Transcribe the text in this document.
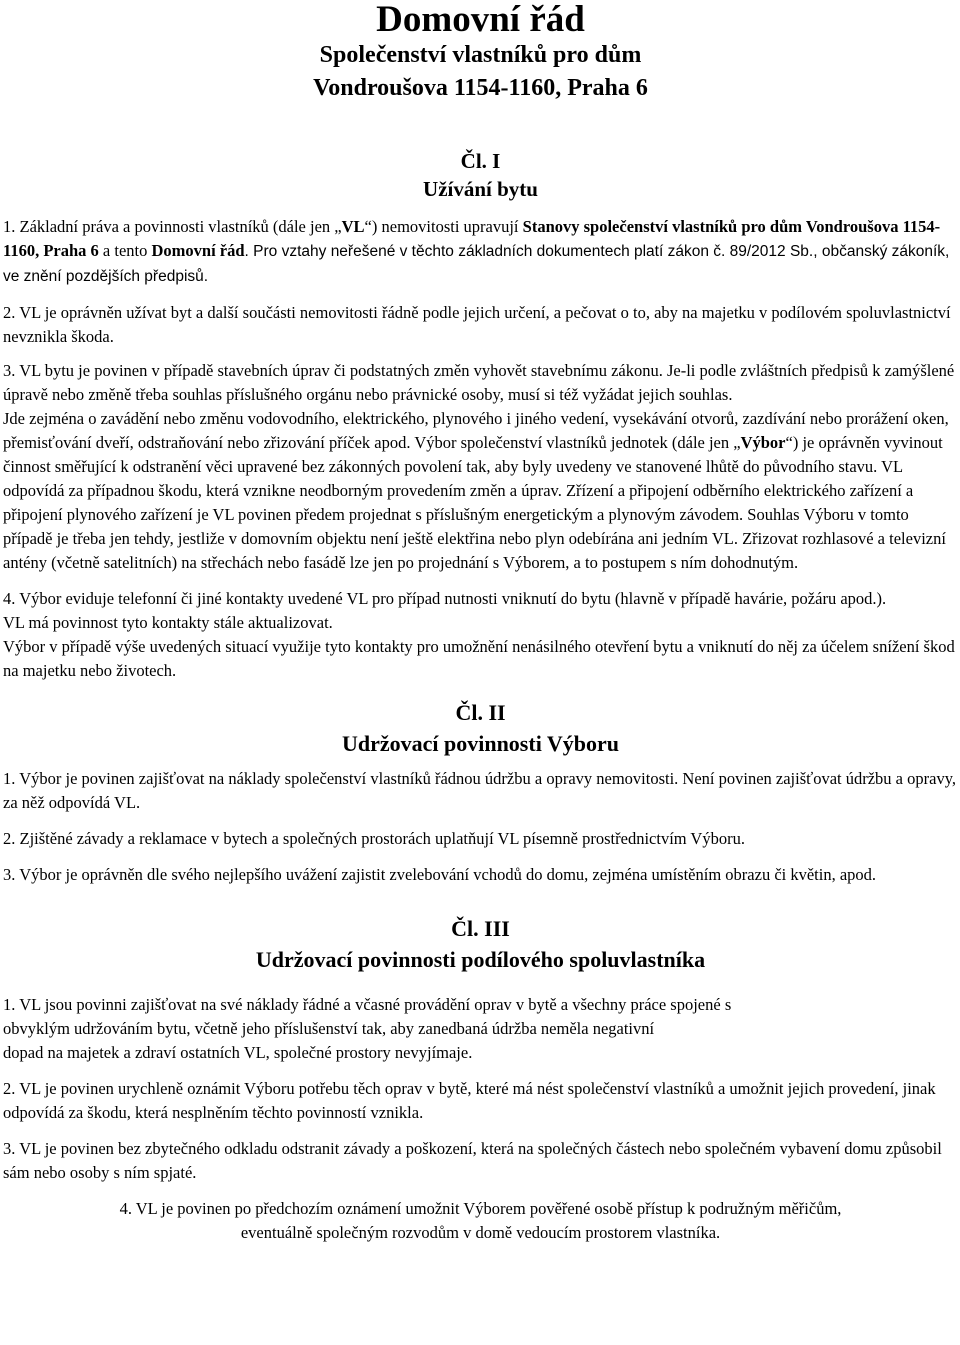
Domovní řád
Společenství vlastníků pro dům
Vondroušova 1154-1160, Praha 6
Čl. I
Užívání bytu

1. Základní práva a povinnosti vlastníků (dále jen „VL“) nemovitosti upravují Stanovy společenství vlastníků pro dům Vondroušova 1154-1160, Praha 6 a tento Domovní řád. Pro vztahy neřešené v těchto základních dokumentech platí zákon č. 89/2012 Sb., občanský zákoník, ve znění pozdějších předpisů.

2. VL je oprávněn užívat byt a další součásti nemovitosti řádně podle jejich určení, a pečovat o to, aby na majetku v podílovém spoluvlastnictví nevznikla škoda.

3. VL bytu je povinen v případě stavebních úprav či podstatných změn vyhovět stavebnímu zákonu. Je-li podle zvláštních předpisů k zamýšlené úpravě nebo změně třeba souhlas příslušného orgánu nebo právnické osoby, musí si též vyžádat jejich souhlas.

Jde zejména o zavádění nebo změnu vodovodního, elektrického, plynového i jiného vedení, vysekávání otvorů, zazdívání nebo prorážení oken, přemisťování dveří, odstraňování nebo zřizování příček apod. Výbor společenství vlastníků jednotek (dále jen „Výbor“) je oprávněn vyvinout činnost směřující k odstranění věci upravené bez zákonných povolení tak, aby byly uvedeny ve stanovené lhůtě do původního stavu. VL odpovídá za případnou škodu, která vznikne neodborným provedením změn a úprav. Zřízení a připojení odběrního elektrického zařízení a připojení plynového zařízení je VL povinen předem projednat s příslušným energetickým a plynovým závodem. Souhlas Výboru v tomto případě je třeba jen tehdy, jestliže v domovním objektu není ještě elektřina nebo plyn odebírána ani jedním VL. Zřizovat rozhlasové a televizní antény (včetně satelitních) na střechách nebo fasádě lze jen po projednání s Výborem, a to postupem s ním dohodnutým.

4. Výbor eviduje telefonní či jiné kontakty uvedené VL pro případ nutnosti vniknutí do bytu (hlavně v případě havárie, požáru apod.).

VL má povinnost tyto kontakty stále aktualizovat.

Výbor v případě výše uvedených situací využije tyto kontakty pro umožnění nenásilného otevření bytu a vniknutí do něj za účelem snížení škod na majetku nebo životech.

Čl. II
Udržovací povinnosti Výboru

1. Výbor je povinen zajišťovat na náklady společenství vlastníků řádnou údržbu a opravy nemovitosti. Není povinen zajišťovat údržbu a opravy, za něž odpovídá VL.

2. Zjištěné závady a reklamace v bytech a společných prostorách uplatňují VL písemně prostřednictvím Výboru.

3. Výbor je oprávněn dle svého nejlepšího uvážení zajistit zvelebování vchodů do domu, zejména umístěním obrazu či květin, apod.

Čl. III
Udržovací povinnosti podílového spoluvlastníka

1. VL jsou povinni zajišťovat na své náklady řádné a včasné provádění oprav v bytě a všechny práce spojené s
obvyklým udržováním bytu, včetně jeho příslušenství tak, aby zanedbaná údržba neměla negativní
dopad na majetek a zdraví ostatních VL, společné prostory nevyjímaje.

2. VL je povinen urychleně oznámit Výboru potřebu těch oprav v bytě, které má nést společenství vlastníků a umožnit jejich provedení, jinak odpovídá za škodu, která nesplněním těchto povinností vznikla.

3. VL je povinen bez zbytečného odkladu odstranit závady a poškození, která na společných částech nebo společném vybavení domu způsobil sám nebo osoby s ním spjaté.

4. VL je povinen po předchozím oznámení umožnit Výborem pověřené osobě přístup k podružným měřičům,
eventuálně společným rozvodům v domě vedoucím prostorem vlastníka.
